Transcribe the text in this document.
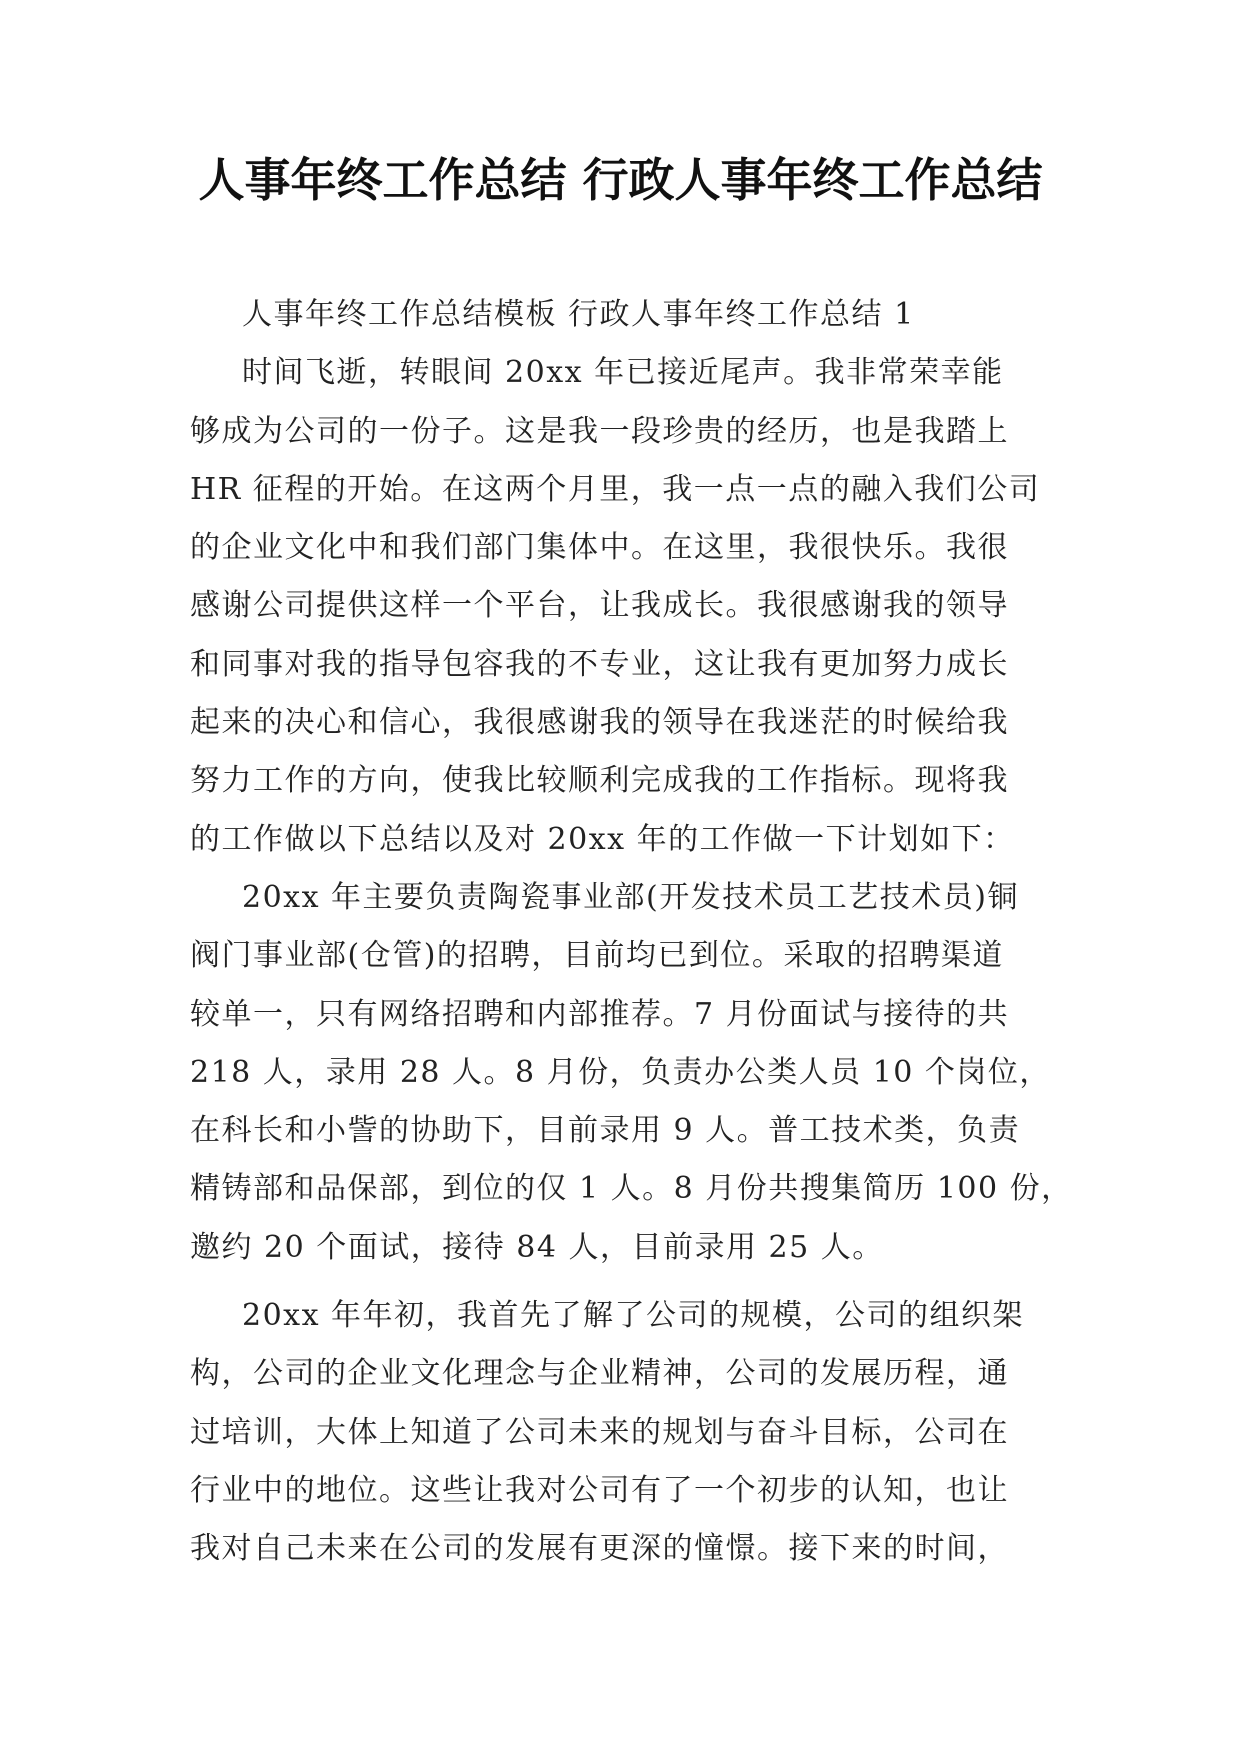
人事年终工作总结 行政人事年终工作总结
人事年终工作总结模板 行政人事年终工作总结 1
时间飞逝，转眼间 20xx 年已接近尾声。我非常荣幸能
够成为公司的一份子。这是我一段珍贵的经历，也是我踏上
HR 征程的开始。在这两个月里，我一点一点的融入我们公司
的企业文化中和我们部门集体中。在这里，我很快乐。我很
感谢公司提供这样一个平台，让我成长。我很感谢我的领导
和同事对我的指导包容我的不专业，这让我有更加努力成长
起来的决心和信心，我很感谢我的领导在我迷茫的时候给我
努力工作的方向，使我比较顺利完成我的工作指标。现将我
的工作做以下总结以及对 20xx 年的工作做一下计划如下：
20xx 年主要负责陶瓷事业部(开发技术员工艺技术员)铜
阀门事业部(仓管)的招聘，目前均已到位。采取的招聘渠道
较单一，只有网络招聘和内部推荐。7 月份面试与接待的共
218 人，录用 28 人。8 月份，负责办公类人员 10 个岗位，
在科长和小訾的协助下，目前录用 9 人。普工技术类，负责
精铸部和品保部，到位的仅 1 人。8 月份共搜集简历 100 份，
邀约 20 个面试，接待 84 人，目前录用 25 人。
20xx 年年初，我首先了解了公司的规模，公司的组织架
构，公司的企业文化理念与企业精神，公司的发展历程，通
过培训，大体上知道了公司未来的规划与奋斗目标，公司在
行业中的地位。这些让我对公司有了一个初步的认知，也让
我对自己未来在公司的发展有更深的憧憬。接下来的时间，
